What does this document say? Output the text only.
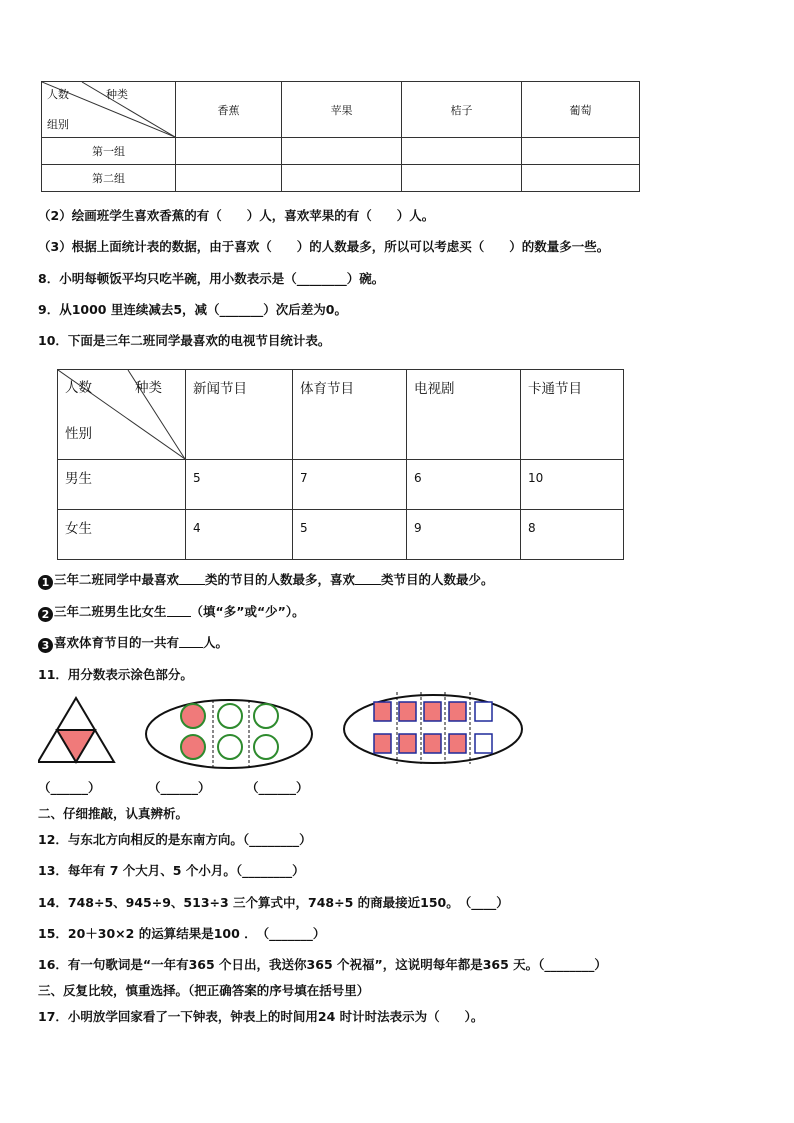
人数 种类
组别	香蕉	苹果	桔子	葡萄
第一组				
第二组				
（2）绘画班学生喜欢香蕉的有（　　）人，喜欢苹果的有（　　）人。
（3）根据上面统计表的数据，由于喜欢（　　）的人数最多，所以可以考虑买（　　）的数量多一些。
8．小明每顿饭平均只吃半碗，用小数表示是（________）碗。
9．从1000 里连续减去5，减（_______）次后差为0。
10．下面是三年二班同学最喜欢的电视节目统计表。
人数 种类
性别	新闻节目	体育节目	电视剧	卡通节目
男生	5	7	6	10
女生	4	5	9	8
1 三年二班同学中最喜欢 类的节目的人数最多，喜欢 类节目的人数最少。
2 三年二班男生比女生 （填“多”或“少”）。
3 喜欢体育节目的一共有 人。
11．用分数表示涂色部分。
（______）	（______）	（______）
二、仔细推敲，认真辨析。
12．与东北方向相反的是东南方向。（________）
13．每年有 7 个大月、5 个小月。（________）
14．748÷5、945÷9、513÷3 三个算式中，748÷5 的商最接近150。　（____）
15．20＋30×2 的运算结果是100 ．　（_______）
16．有一句歌词是“一年有365 个日出，我送你365 个祝福”，这说明每年都是365 天。（________）
三、反复比较，慎重选择。（把正确答案的序号填在括号里）
17．小明放学回家看了一下钟表，钟表上的时间用24 时计时法表示为（　　）。
